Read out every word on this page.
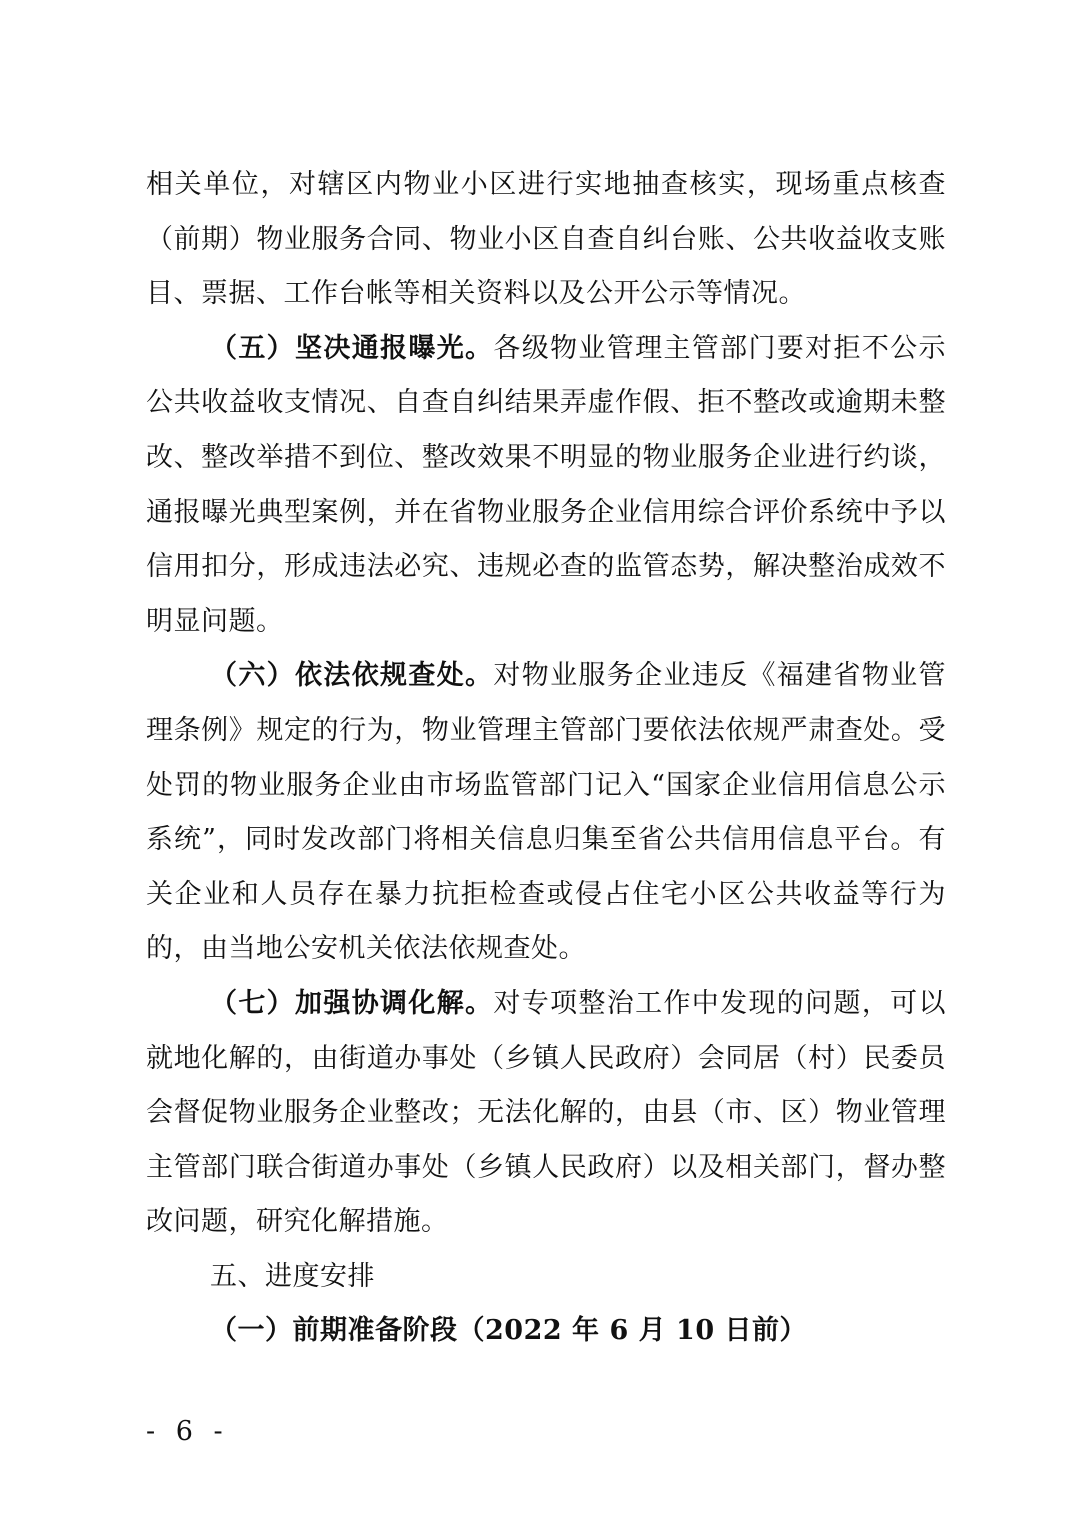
相关单位，对辖区内物业小区进行实地抽查核实，现场重点核查（前期）物业服务合同、物业小区自查自纠台账、公共收益收支账目、票据、工作台帐等相关资料以及公开公示等情况。

（五）坚决通报曝光。各级物业管理主管部门要对拒不公示公共收益收支情况、自查自纠结果弄虚作假、拒不整改或逾期未整改、整改举措不到位、整改效果不明显的物业服务企业进行约谈，通报曝光典型案例，并在省物业服务企业信用综合评价系统中予以信用扣分，形成违法必究、违规必查的监管态势，解决整治成效不明显问题。

（六）依法依规查处。对物业服务企业违反《福建省物业管理条例》规定的行为，物业管理主管部门要依法依规严肃查处。受处罚的物业服务企业由市场监管部门记入“国家企业信用信息公示系统”，同时发改部门将相关信息归集至省公共信用信息平台。有关企业和人员存在暴力抗拒检查或侵占住宅小区公共收益等行为的，由当地公安机关依法依规查处。

（七）加强协调化解。对专项整治工作中发现的问题，可以就地化解的，由街道办事处（乡镇人民政府）会同居（村）民委员会督促物业服务企业整改；无法化解的，由县（市、区）物业管理主管部门联合街道办事处（乡镇人民政府）以及相关部门，督办整改问题，研究化解措施。

五、进度安排

（一）前期准备阶段（2022 年 6 月 10 日前）

- 6 -
